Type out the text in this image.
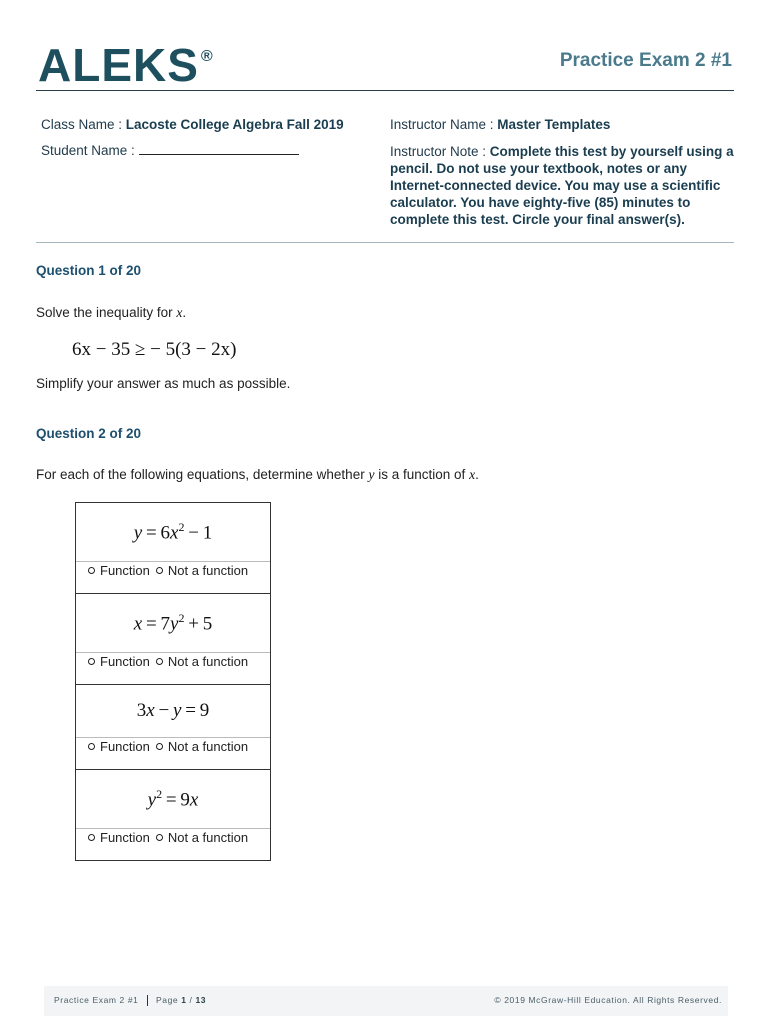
ALEKS ®	Practice Exam 2 #1
Class Name : Lacoste College Algebra Fall 2019	Instructor Name : Master Templates
Student Name :	Instructor Note : Complete this test by yourself using a pencil. Do not use your textbook, notes or any Internet-connected device. You may use a scientific calculator. You have eighty-five (85) minutes to complete this test. Circle your final answer(s).
Question 1 of 20
Solve the inequality for x.
6x − 35 ≥ − 5(3 − 2x)
Simplify your answer as much as possible.
Question 2 of 20
For each of the following equations, determine whether y is a function of x.
$y = 6x^2 - 1$
Function Not a function
$x = 7y^2 + 5$
Function Not a function
3x − y = 9
Function Not a function
$y^2 = 9x$
Function Not a function
Practice Exam 2 #1 Page 1 / 13	© 2019 McGraw-Hill Education. All Rights Reserved.
